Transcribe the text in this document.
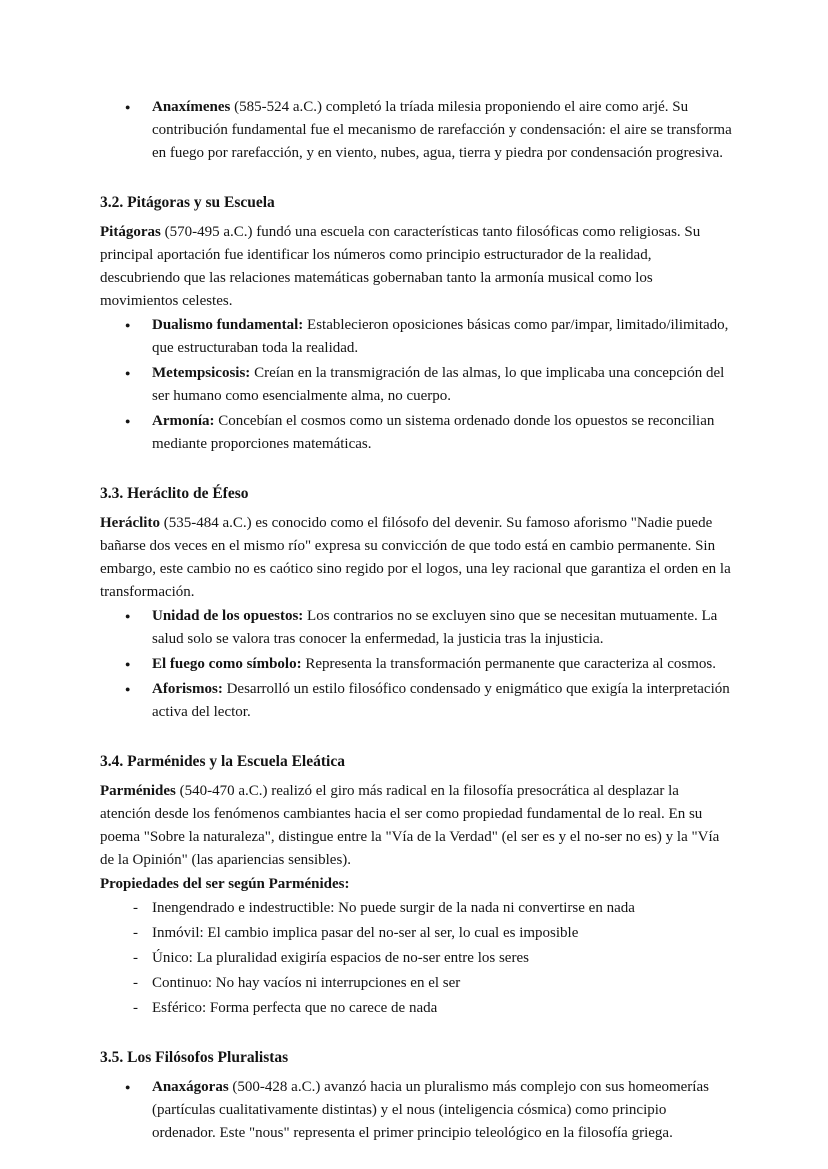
● Anaxímenes (585-524 a.C.) completó la tríada milesia proponiendo el aire como arjé. Su contribución fundamental fue el mecanismo de rarefacción y condensación: el aire se transforma en fuego por rarefacción, y en viento, nubes, agua, tierra y piedra por condensación progresiva.
3.2. Pitágoras y su Escuela

Pitágoras (570-495 a.C.) fundó una escuela con características tanto filosóficas como religiosas. Su principal aportación fue identificar los números como principio estructurador de la realidad, descubriendo que las relaciones matemáticas gobernaban tanto la armonía musical como los movimientos celestes.

● Dualismo fundamental: Establecieron oposiciones básicas como par/impar, limitado/ilimitado, que estructuraban toda la realidad.
● Metempsicosis: Creían en la transmigración de las almas, lo que implicaba una concepción del ser humano como esencialmente alma, no cuerpo.
● Armonía: Concebían el cosmos como un sistema ordenado donde los opuestos se reconcilian mediante proporciones matemáticas.
3.3. Heráclito de Éfeso

Heráclito (535-484 a.C.) es conocido como el filósofo del devenir. Su famoso aforismo "Nadie puede bañarse dos veces en el mismo río" expresa su convicción de que todo está en cambio permanente. Sin embargo, este cambio no es caótico sino regido por el logos, una ley racional que garantiza el orden en la transformación.

● Unidad de los opuestos: Los contrarios no se excluyen sino que se necesitan mutuamente. La salud solo se valora tras conocer la enfermedad, la justicia tras la injusticia.
● El fuego como símbolo: Representa la transformación permanente que caracteriza al cosmos.
● Aforismos: Desarrolló un estilo filosófico condensado y enigmático que exigía la interpretación activa del lector.
3.4. Parménides y la Escuela Eleática

Parménides (540-470 a.C.) realizó el giro más radical en la filosofía presocrática al desplazar la atención desde los fenómenos cambiantes hacia el ser como propiedad fundamental de lo real. En su poema "Sobre la naturaleza", distingue entre la "Vía de la Verdad" (el ser es y el no-ser no es) y la "Vía de la Opinión" (las apariencias sensibles).

Propiedades del ser según Parménides:

- Inengendrado e indestructible: No puede surgir de la nada ni convertirse en nada
- Inmóvil: El cambio implica pasar del no-ser al ser, lo cual es imposible
- Único: La pluralidad exigiría espacios de no-ser entre los seres
- Continuo: No hay vacíos ni interrupciones en el ser
- Esférico: Forma perfecta que no carece de nada
3.5. Los Filósofos Pluralistas
● Anaxágoras (500-428 a.C.) avanzó hacia un pluralismo más complejo con sus homeomerías (partículas cualitativamente distintas) y el nous (inteligencia cósmica) como principio ordenador. Este "nous" representa el primer principio teleológico en la filosofía griega.
